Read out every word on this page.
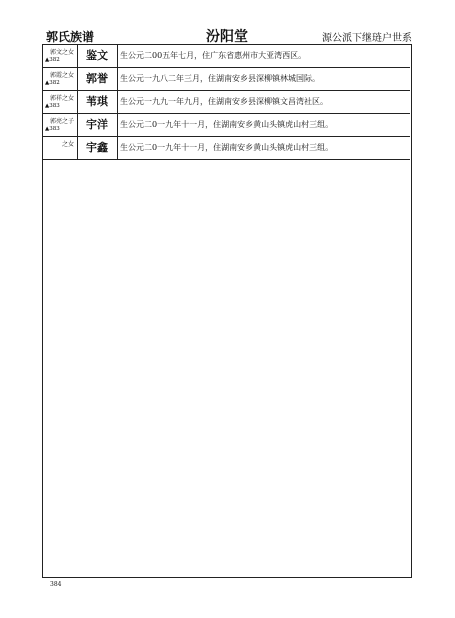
郭氏族谱	汾阳堂	源公派下继琏户世系
郭文之女
▲382	鉴文	生公元二00五年七月，住广东省惠州市大亚湾西区。
郭霞之女
▲382	郭誉	生公元一九八二年三月，住湖南安乡县深柳镇林城国际。
郭祥之女
▲383	苇琪	生公元一九九一年九月，住湖南安乡县深柳镇文昌湾社区。
郭亮之子
▲383	宇洋	生公元二0一九年十一月，住湖南安乡黄山头镇虎山村三组。
之女	宇鑫	生公元二0一九年十一月，住湖南安乡黄山头镇虎山村三组。
384
